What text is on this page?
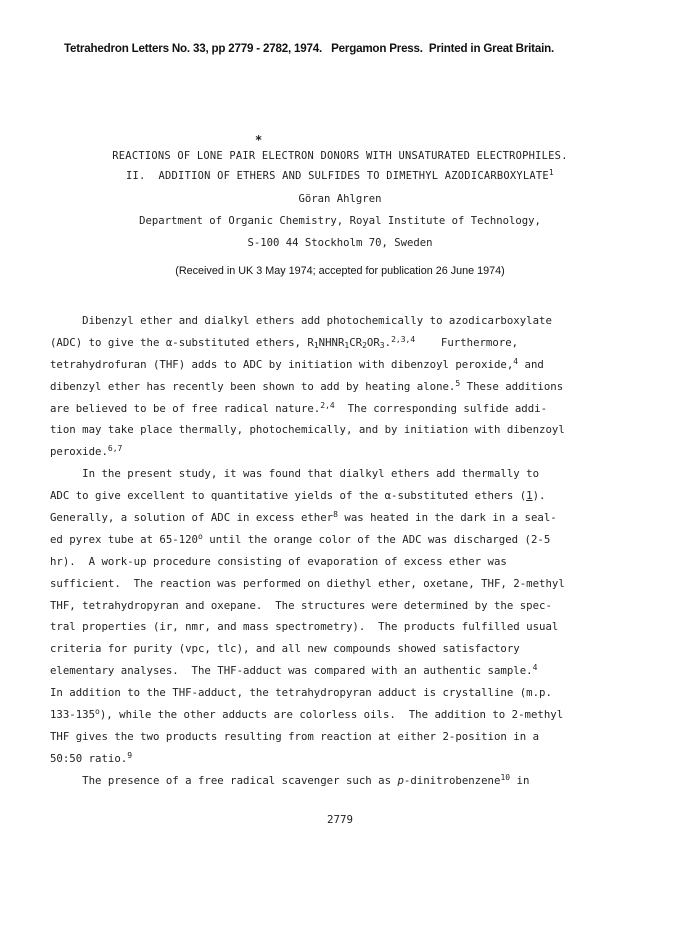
Tetrahedron Letters No. 33, pp 2779 - 2782, 1974.   Pergamon Press.  Printed in Great Britain.
*
REACTIONS OF LONE PAIR ELECTRON DONORS WITH UNSATURATED ELECTROPHILES.
II.  ADDITION OF ETHERS AND SULFIDES TO DIMETHYL AZODICARBOXYLATE$^1$
Göran Ahlgren
Department of Organic Chemistry, Royal Institute of Technology,
S-100 44 Stockholm 70, Sweden
(Received in UK 3 May 1974; accepted for publication 26 June 1974)
Dibenzyl ether and dialkyl ethers add photochemically to azodicarboxylate
(ADC) to give the α-substituted ethers, $R_1NHNR_1CR_2OR_3.^{2,3,4}$    Furthermore,
tetrahydrofuran (THF) adds to ADC by initiation with dibenzoyl peroxide,$^4$ and
dibenzyl ether has recently been shown to add by heating alone.$^5$ These additions
are believed to be of free radical nature.$^{2,4}$  The corresponding sulfide addi-
tion may take place thermally, photochemically, and by initiation with dibenzoyl
peroxide.$^{6,7}$
In the present study, it was found that dialkyl ethers add thermally to
ADC to give excellent to quantitative yields of the α-substituted ethers (1).
Generally, a solution of ADC in excess ether$^8$ was heated in the dark in a seal-
ed pyrex tube at 65-120$^o$ until the orange color of the ADC was discharged (2-5
hr).  A work-up procedure consisting of evaporation of excess ether was
sufficient.  The reaction was performed on diethyl ether, oxetane, THF, 2-methyl
THF, tetrahydropyran and oxepane.  The structures were determined by the spec-
tral properties (ir, nmr, and mass spectrometry).  The products fulfilled usual
criteria for purity (vpc, tlc), and all new compounds showed satisfactory
elementary analyses.  The THF-adduct was compared with an authentic sample.$^4$
In addition to the THF-adduct, the tetrahydropyran adduct is crystalline (m.p.
133-135$^o$), while the other adducts are colorless oils.  The addition to 2-methyl
THF gives the two products resulting from reaction at either 2-position in a
50:50 ratio.$^9$
The presence of a free radical scavenger such as p-dinitrobenzene$^{10}$ in
2779
